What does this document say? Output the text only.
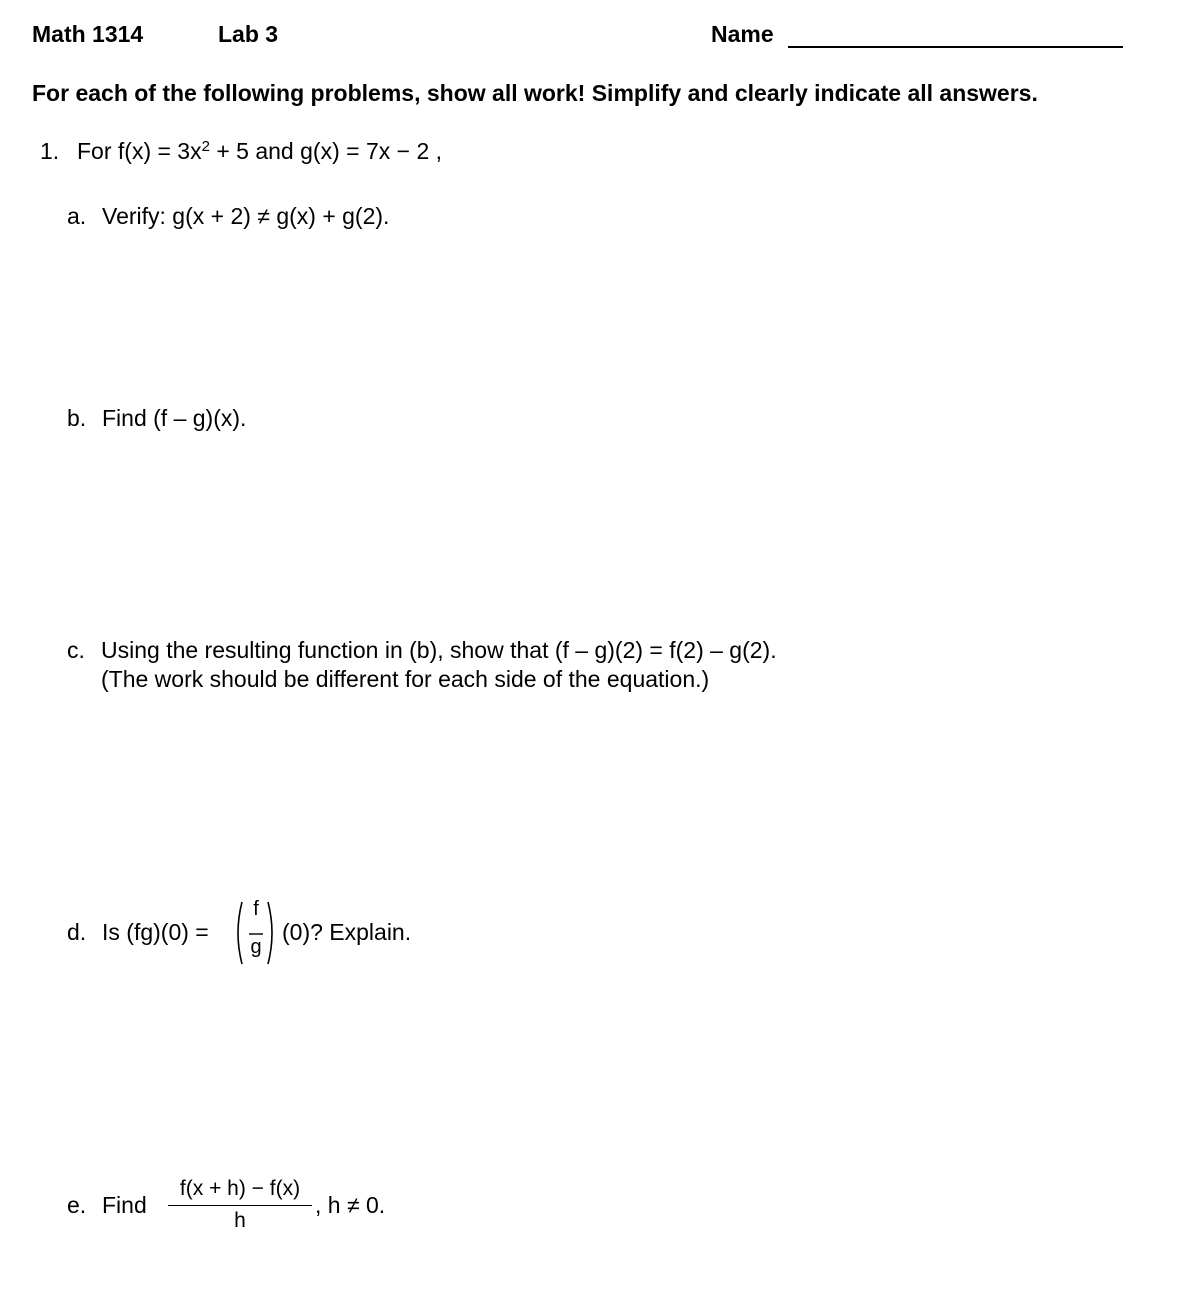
Math 1314	Lab 3	Name
For each of the following problems, show all work! Simplify and clearly indicate all answers.
1. For $f(x) = 3x^2 + 5$ and g(x) = 7x − 2 ,
a. Verify: g(x + 2) ≠ g(x) + g(2).
b. Find (f – g)(x).
c. Using the resulting function in (b), show that (f – g)(2) = f(2) – g(2).
(The work should be different for each side of the equation.)
d. Is (fg)(0) =
f
g
(0)? Explain.
e. Find
f(x + h) − f(x)
h
, h ≠ 0.
